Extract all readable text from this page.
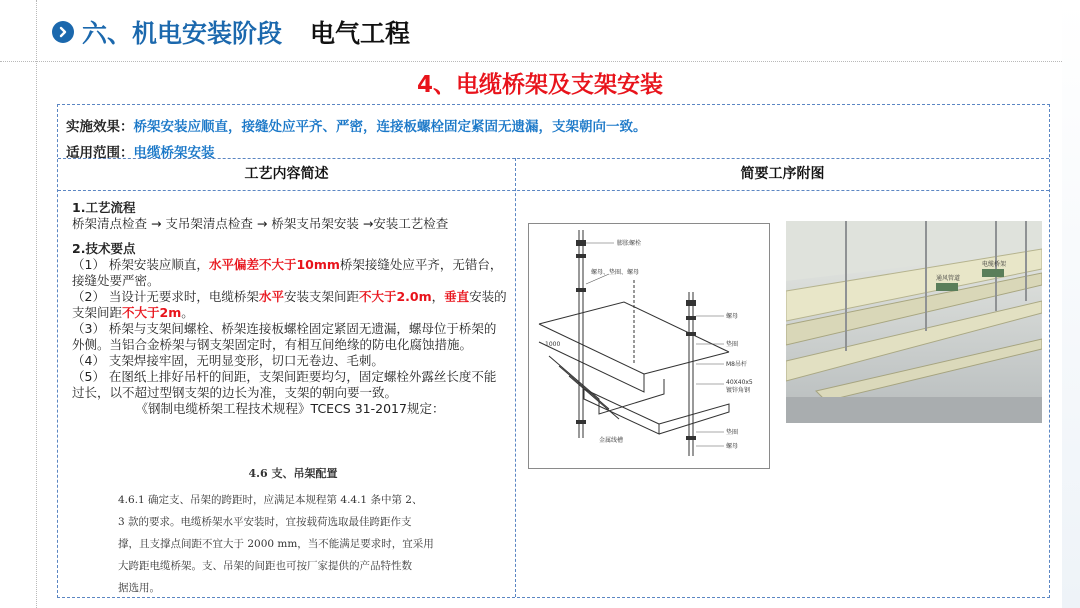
六、机电安装阶段 电气工程
4、电缆桥架及支架安装
实施效果：桥架安装应顺直，接缝处应平齐、严密，连接板螺栓固定紧固无遗漏，支架朝向一致。
适用范围：电缆桥架安装
工艺内容简述	简要工序附图

1.工艺流程

桥架清点检查 → 支吊架清点检查 → 桥架支吊架安装 →安装工艺检查

2.技术要点

（1） 桥架安装应顺直，水平偏差不大于10mm桥架接缝处应平齐，无错台，接缝处要严密。

（2） 当设计无要求时，电缆桥架水平安装支架间距不大于2.0m，垂直安装的支架间距不大于2m。

（3） 桥架与支架间螺栓、桥架连接板螺栓固定紧固无遗漏，螺母位于桥架的外侧。当铝合金桥架与钢支架固定时，有相互间绝缘的防电化腐蚀措施。

（4） 支架焊接牢固，无明显变形，切口无卷边、毛刺。

（5） 在图纸上排好吊杆的间距，支架间距要均匀，固定螺栓外露丝长度不能过长，以不超过型钢支架的边长为准，支架的朝向要一致。

《钢制电缆桥架工程技术规程》TCECS 31-2017规定：

4.6 支、吊架配置
4.6.1 确定支、吊架的跨距时，应满足本规程第 4.4.1 条中第 2、
3 款的要求。电缆桥架水平安装时，宜按载荷选取最佳跨距作支
撑，且支撑点间距不宜大于 2000 mm，当不能满足要求时，宜采用
大跨距电缆桥架。支、吊架的间距也可按厂家提供的产品特性数
据选用。
膨胀螺栓
螺母、垫圈、螺母
螺母
垫圈
M8吊杆
40X40x5
镀锌角钢
垫圈
螺母
金属线槽
1000
通风管道
电缆桥架
